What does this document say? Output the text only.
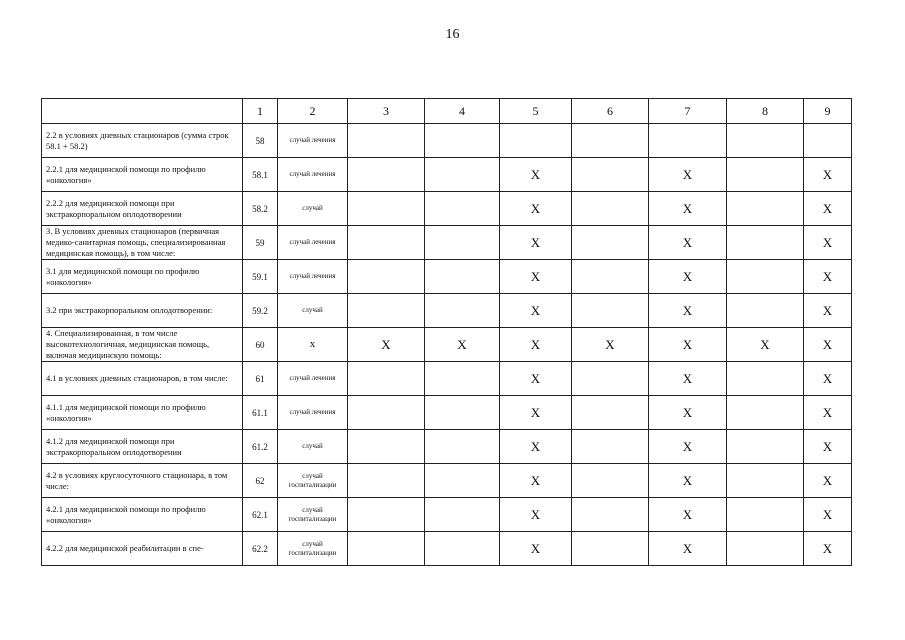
16
	1	2	3	4	5	6	7	8	9
2.2 в условиях дневных стационаров (сумма строк 58.1 + 58.2)	58	случай лечения							
2.2.1 для медицинской помощи по профилю «онкология»	58.1	случай лечения			X		X		X
2.2.2 для медицинской помощи при экстракорпоральном оплодотворении	58.2	случай			X		X		X
3. В условиях дневных стационаров (первичная медико-санитарная помощь, специализированная медицинская помощь), в том числе:	59	случай лечения			X		X		X
3.1 для медицинской помощи по профилю «онкология»	59.1	случай лечения			X		X		X
3.2 при экстракорпоральном оплодотворении:	59.2	случай			X		X		X
4. Специализированная, в том числе высокотехнологичная, медицинская помощь, включая медицинскую помощь:	60	x	X	X	X	X	X	X	X
4.1 в условиях дневных стационаров, в том числе:	61	случай лечения			X		X		X
4.1.1 для медицинской помощи по профилю «онкология»	61.1	случай лечения			X		X		X
4.1.2 для медицинской помощи при экстракорпоральном оплодотворении	61.2	случай			X		X		X
4.2 в условиях круглосуточного стационара, в том числе:	62	случай госпитализации			X		X		X
4.2.1 для медицинской помощи по профилю «онкология»	62.1	случай госпитализации			X		X		X
4.2.2 для медицинской реабилитации в спе-	62.2	случай госпитализации			X		X		X
